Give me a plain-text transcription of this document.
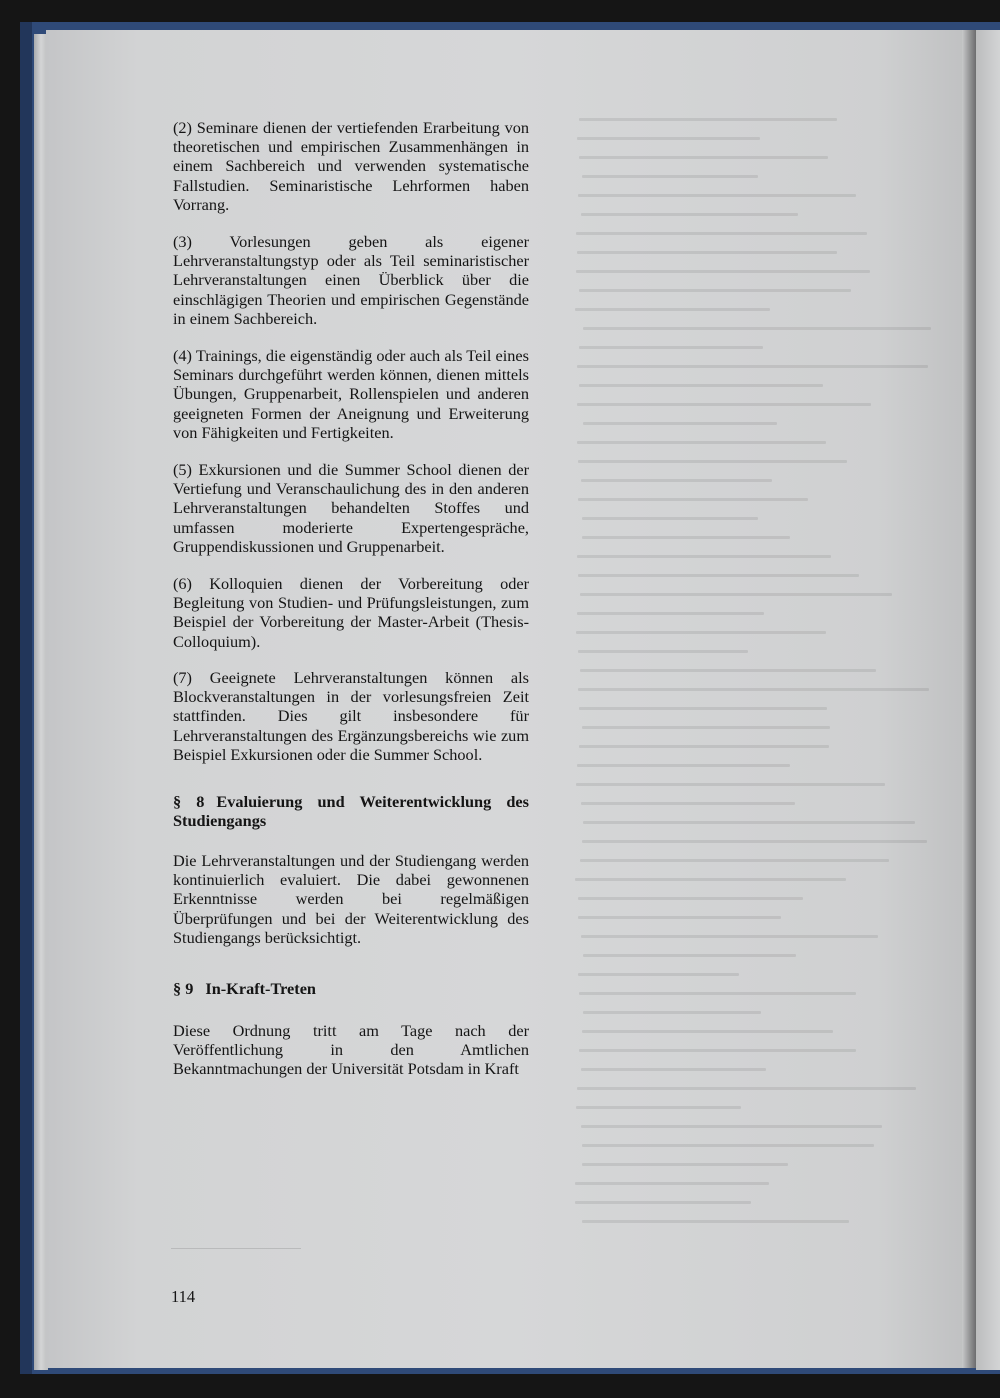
(2) Seminare dienen der vertiefenden Erarbeitung von theoretischen und empirischen Zusammenhängen in einem Sachbereich und verwenden systematische Fallstudien. Seminaristische Lehrformen haben Vorrang.

(3) Vorlesungen geben als eigener Lehrveranstaltungstyp oder als Teil seminaristischer Lehrveranstaltungen einen Überblick über die einschlägigen Theorien und empirischen Gegenstände in einem Sachbereich.

(4) Trainings, die eigenständig oder auch als Teil eines Seminars durchgeführt werden können, dienen mittels Übungen, Gruppenarbeit, Rollenspielen und anderen geeigneten Formen der Aneignung und Erweiterung von Fähigkeiten und Fertigkeiten.

(5) Exkursionen und die Summer School dienen der Vertiefung und Veranschaulichung des in den anderen Lehrveranstaltungen behandelten Stoffes und umfassen moderierte Expertengespräche, Gruppendiskussionen und Gruppenarbeit.

(6) Kolloquien dienen der Vorbereitung oder Begleitung von Studien- und Prüfungsleistungen, zum Beispiel der Vorbereitung der Master-Arbeit (Thesis-Colloquium).

(7) Geeignete Lehrveranstaltungen können als Blockveranstaltungen in der vorlesungsfreien Zeit stattfinden. Dies gilt insbesondere für Lehrveranstaltungen des Ergänzungsbereichs wie zum Beispiel Exkursionen oder die Summer School.

§ 8 Evaluierung und Weiterentwicklung des Studiengangs

Die Lehrveranstaltungen und der Studiengang werden kontinuierlich evaluiert. Die dabei gewonnenen Erkenntnisse werden bei regelmäßigen Überprüfungen und bei der Weiterentwicklung des Studiengangs berücksichtigt.

§ 9 In-Kraft-Treten

Diese Ordnung tritt am Tage nach der Veröffentlichung in den Amtlichen Bekanntmachungen der Universität Potsdam in Kraft

114
